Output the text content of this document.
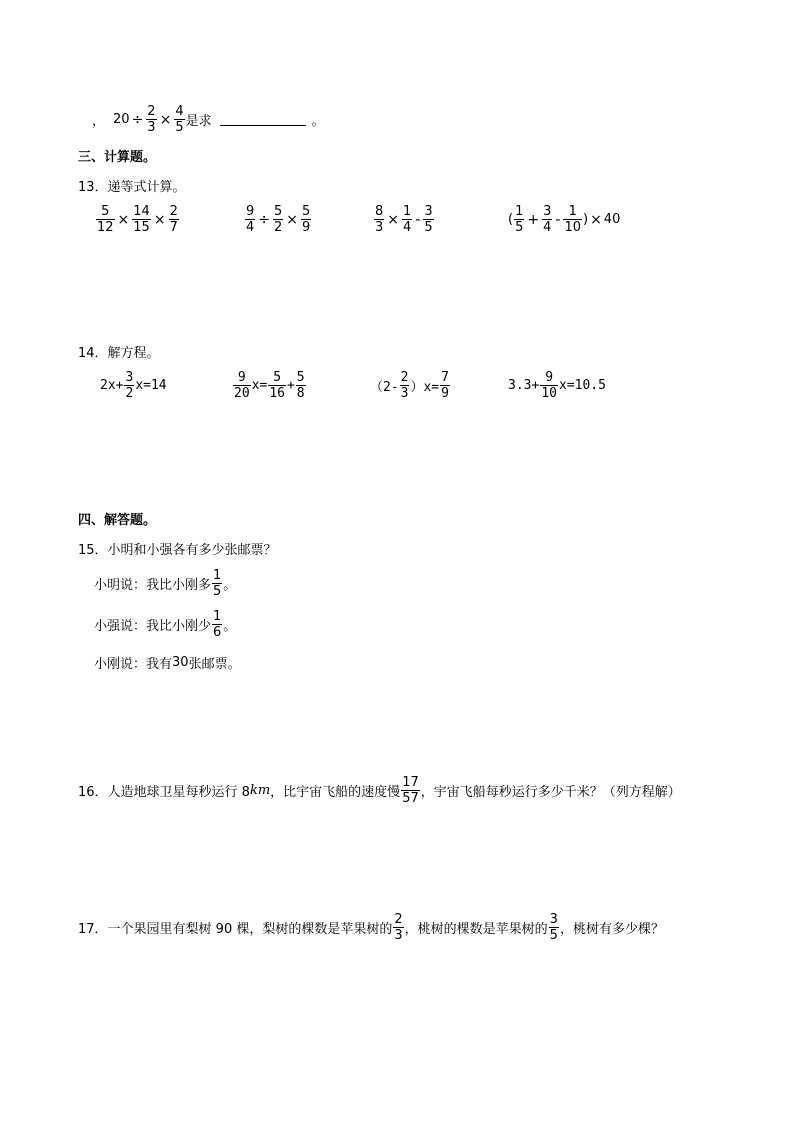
， $20 \div \frac{2}{3} \times \frac{4}{5}$ 是求	。
三、计算题。
13．递等式计算。
$\frac{5}{12} \times \frac{14}{15} \times \frac{2}{7}$	$\frac{9}{4} \div \frac{5}{2} \times \frac{5}{9}$	$\frac{8}{3} \times \frac{1}{4} - \frac{3}{5}$	( $\frac{1}{5} + \frac{3}{4} - \frac{1}{10}$ ) × 40
14．解方程。
$2x+ \frac{3}{2} x=14$	$\frac{9}{20} x= \frac{5}{16} + \frac{5}{8}$	$(2- \frac{2}{3} )x= \frac{7}{9}$	$3.3+ \frac{9}{10} x=10.5$
四、解答题。
15．小明和小强各有多少张邮票？
小明说：我比小刚多 $\frac{1}{5}$ 。
小强说：我比小刚少 $\frac{1}{6}$ 。
小刚说：我有 30 张邮票。
16．人造地球卫星每秒运行 8 km ，比宇宙飞船的速度慢 $\frac{17}{57}$ ，宇宙飞船每秒运行多少千米？（列方程解）
17．一个果园里有梨树 90 棵，梨树的棵数是苹果树的 $\frac{2}{3}$ ，桃树的棵数是苹果树的 $\frac{3}{5}$ ，桃树有多少棵？
